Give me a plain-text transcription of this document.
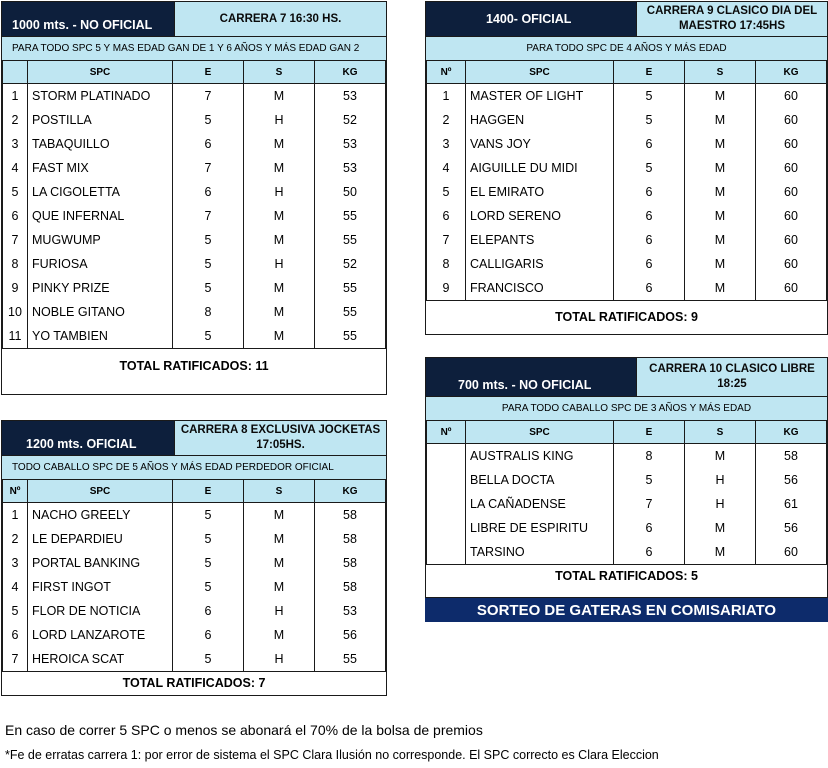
1000 mts. - NO OFICIAL	CARRERA 7 16:30 HS.
PARA TODO SPC 5 Y MAS EDAD GAN DE 1 Y 6 AÑOS Y MÁS EDAD GAN 2
	SPC	E	S	KG
1	STORM PLATINADO	7	M	53
2	POSTILLA	5	H	52
3	TABAQUILLO	6	M	53
4	FAST MIX	7	M	53
5	LA CIGOLETTA	6	H	50
6	QUE INFERNAL	7	M	55
7	MUGWUMP	5	M	55
8	FURIOSA	5	H	52
9	PINKY PRIZE	5	M	55
10	NOBLE GITANO	8	M	55
11	YO TAMBIEN	5	M	55
TOTAL RATIFICADOS: 11
1400- OFICIAL
CARRERA 9 CLASICO DIA DEL MAESTRO 17:45HS
PARA TODO SPC DE 4 AÑOS Y MÁS EDAD
Nº	SPC	E	S	KG
1	MASTER OF LIGHT	5	M	60
2	HAGGEN	5	M	60
3	VANS JOY	6	M	60
4	AIGUILLE DU MIDI	5	M	60
5	EL EMIRATO	6	M	60
6	LORD SERENO	6	M	60
7	ELEPANTS	6	M	60
8	CALLIGARIS	6	M	60
9	FRANCISCO	6	M	60
TOTAL RATIFICADOS: 9
1200 mts. OFICIAL
CARRERA 8 EXCLUSIVA JOCKETAS 17:05HS.
TODO CABALLO SPC DE 5 AÑOS Y MÁS EDAD PERDEDOR OFICIAL
Nº	SPC	E	S	KG
1	NACHO GREELY	5	M	58
2	LE DEPARDIEU	5	M	58
3	PORTAL BANKING	5	M	58
4	FIRST INGOT	5	M	58
5	FLOR DE NOTICIA	6	H	53
6	LORD LANZAROTE	6	M	56
7	HEROICA SCAT	5	H	55
TOTAL RATIFICADOS: 7
700 mts. - NO OFICIAL
CARRERA 10 CLASICO LIBRE 18:25
PARA TODO CABALLO SPC DE 3 AÑOS Y MÁS EDAD
Nº	SPC	E	S	KG
	AUSTRALIS KING	8	M	58
	BELLA DOCTA	5	H	56
	LA CAÑADENSE	7	H	61
	LIBRE DE ESPIRITU	6	M	56
	TARSINO	6	M	60
TOTAL RATIFICADOS: 5
SORTEO DE GATERAS EN COMISARIATO
En caso de correr 5 SPC o menos se abonará el 70% de la bolsa de premios
*Fe de erratas carrera 1: por error de sistema el SPC Clara Ilusión no corresponde. El SPC correcto es Clara Eleccion
